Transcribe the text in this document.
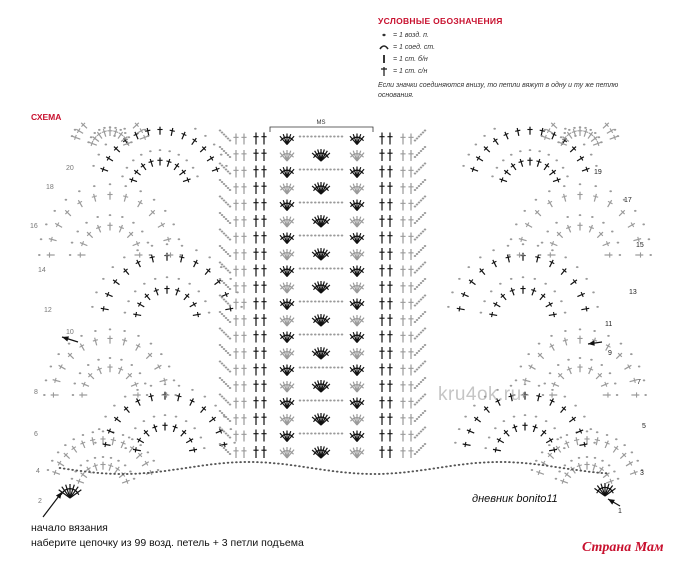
УСЛОВНЫЕ ОБОЗНАЧЕНИЯ
= 1 возд. п.
= 1 соед. ст.
= 1 ст. б/н
= 1 ст. с/н
Если значки соединяются внизу, то петли вяжут в одну и ту же петлю основания.
СХЕМА
MS
2
4
6
8
10
12
14
16
18
20
1
3
5
7
9
11
13
15
17
19
kru4ok.ru
дневник bonito11
начало вязания
наберите цепочку из 99 возд. петель + 3 петли подъема	Страна Мам
